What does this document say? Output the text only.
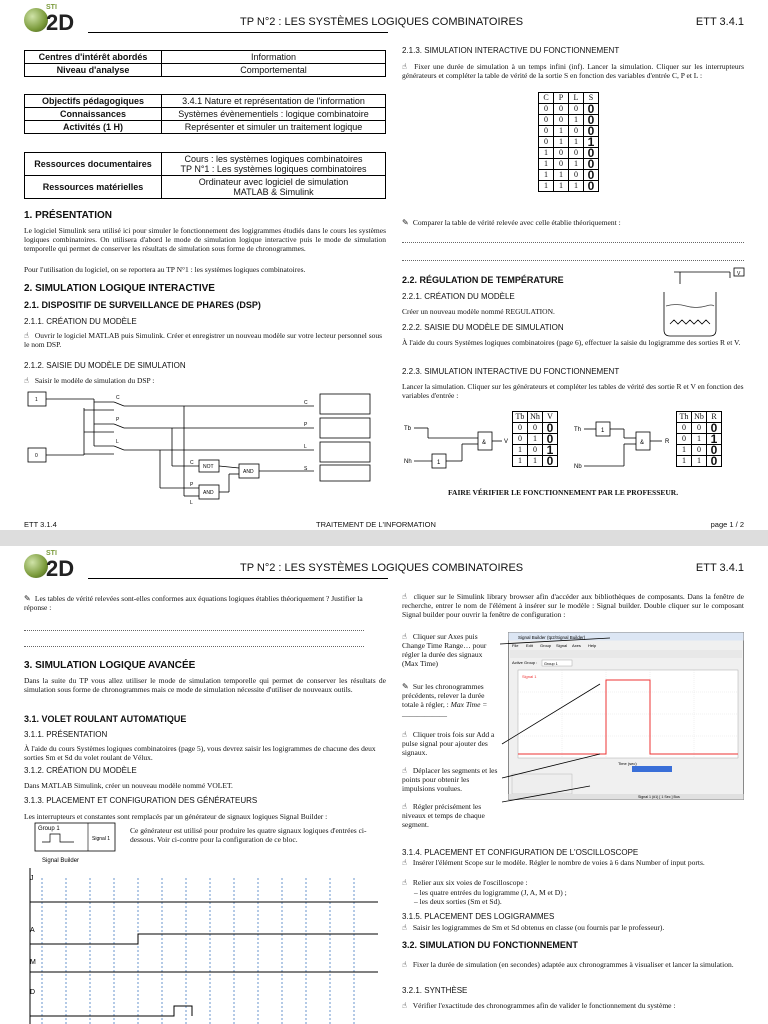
STI
2D	TP N°2 : LES SYSTÈMES LOGIQUES COMBINATOIRES	ETT 3.4.1
Centres d'intérêt abordés	Information
Niveau d'analyse	Comportemental
Objectifs pédagogiques	3.4.1 Nature et représentation de l'information
Connaissances	Systèmes évènementiels : logique combinatoire
Activités (1 H)	Représenter et simuler un traitement logique
Ressources documentaires	Cours : les systèmes logiques combinatoires
TP N°1 : Les systèmes logiques combinatoires

Ressources matérielles	Ordinateur avec logiciel de simulation
MATLAB & Simulink
1. PRÉSENTATION
Le logiciel Simulink sera utilisé ici pour simuler le fonctionnement des logigrammes étudiés dans le cours les systèmes logiques combinatoires. On utilisera d'abord le mode de simulation logique interactive puis le mode de simulation temporelle qui permet de conserver les résultats de simulation sous forme de chronogrammes.
Pour l'utilisation du logiciel, on se reportera au TP N°1 : les systèmes logiques combinatoires.
2. SIMULATION LOGIQUE INTERACTIVE
2.1. DISPOSITIF DE SURVEILLANCE DE PHARES (DSP)
2.1.1. CRÉATION DU MODÈLE
☝ Ouvrir le logiciel MATLAB puis Simulink. Créer et enregistrer un nouveau modèle sur votre lecteur personnel sous le nom DSP.
2.1.2. SAISIE DU MODÈLE DE SIMULATION
☝ Saisir le modèle de simulation du DSP :
1
0
C
P
L
C
P
L
S
C
P
L
NOT
AND
AND
2.1.3. SIMULATION INTERACTIVE DU FONCTIONNEMENT
☝ Fixer une durée de simulation à un temps infini (inf). Lancer la simulation. Cliquer sur les interrupteurs générateurs et compléter la table de vérité de la sortie S en fonction des variables d'entrée C, P et L :
C	P	L	S
0	0	0	0
0	0	1	0
0	1	0	0
0	1	1	1
1	0	0	0
1	0	1	0
1	1	0	0
1	1	1	0
✎ Comparer la table de vérité relevée avec celle établie théoriquement :
2.2. RÉGULATION DE TEMPÉRATURE
2.2.1. CRÉATION DU MODÈLE
Créer un nouveau modèle nommé REGULATION.
2.2.2. SAISIE DU MODÈLE DE SIMULATION
À l'aide du cours Systèmes logiques combinatoires (page 6), effectuer la saisie du logigramme des sorties R et V.
2.2.3. SIMULATION INTERACTIVE DU FONCTIONNEMENT
Lancer la simulation. Cliquer sur les générateurs et compléter les tables de vérité des sortie R et V en fonction des variables d'entrée :
V
Tb
Nh
&
1
V
Tb	Nh	V
0	0	0
0	1	0
1	0	1
1	1	0
Th
Nb
1
&	R
Th	Nb	R
0	0	0
0	1	1
1	0	0
1	1	0
FAIRE VÉRIFIER LE FONCTIONNEMENT PAR LE PROFESSEUR.
ETT 3.1.4	TRAITEMENT DE L'INFORMATION	page 1 / 2
STI
2D	TP N°2 : LES SYSTÈMES LOGIQUES COMBINATOIRES	ETT 3.4.1
✎ Les tables de vérité relevées sont-elles conformes aux équations logiques établies théoriquement ? Justifier la réponse :
3. SIMULATION LOGIQUE AVANCÉE
Dans la suite du TP vous allez utiliser le mode de simulation temporelle qui permet de conserver les résultats de simulation sous forme de chronogrammes mais ce mode de simulation nécessite d'utiliser de nouveaux outils.
3.1. VOLET ROULANT AUTOMATIQUE
3.1.1. PRÉSENTATION
À l'aide du cours Systèmes logiques combinatoires (page 5), vous devrez saisir les logigrammes de chacune des deux sorties Sm et Sd du volet roulant de Vélux.
3.1.2. CRÉATION DU MODÈLE
Dans MATLAB Simulink, créer un nouveau modèle nommé VOLET.
3.1.3. PLACEMENT ET CONFIGURATION DES GÉNÉRATEURS
Les interrupteurs et constantes sont remplacés par un générateur de signaux logiques Signal Builder :
Group 1
Signal 1
Signal Builder
Ce générateur est utilisé pour produire les quatre signaux logiques d'entrées ci-dessous. Voir ci-contre pour la configuration de ce bloc.
J
A
M
D
☝ cliquer sur le Simulink library browser afin d'accéder aux bibliothèques de composants. Dans la fenêtre de recherche, entrer le nom de l'élément à insérer sur le modèle : Signal builder. Double cliquer sur le composant Signal builder pour ouvrir la fenêtre de configuration :
☝ Cliquer sur Axes puis Change Time Range… pour régler la durée des signaux (Max Time)
✎ Sur les chronogrammes précédents, relever la durée totale à régler, : Max Time = ____________
☝ Cliquer trois fois sur Add a pulse signal pour ajouter des signaux.
☝ Déplacer les segments et les points pour obtenir les impulsions voulues.
☝ Régler précisément les niveaux et temps de chaque segment.
Signal Builder (tp2/Signal Builder)
File Edit Group Signal Axes Help
Active Group : Group 1
Signal 1
Time (sec)
Signal 1 (#1) [ 1 Sec ] Bus
3.1.4. PLACEMENT ET CONFIGURATION DE L'OSCILLOSCOPE
☝ Insérer l'élément Scope sur le modèle. Régler le nombre de voies à 6 dans Number of input ports.
☝ Relier aux six voies de l'oscilloscope :
– les quatre entrées du logigramme (J, A, M et D) ;
– les deux sorties (Sm et Sd).
3.1.5. PLACEMENT DES LOGIGRAMMES
☝ Saisir les logigrammes de Sm et Sd obtenus en classe (ou fournis par le professeur).
3.2. SIMULATION DU FONCTIONNEMENT
☝ Fixer la durée de simulation (en secondes) adaptée aux chronogrammes à visualiser et lancer la simulation.
3.2.1. SYNTHÈSE
☝ Vérifier l'exactitude des chronogrammes afin de valider le fonctionnement du système :
